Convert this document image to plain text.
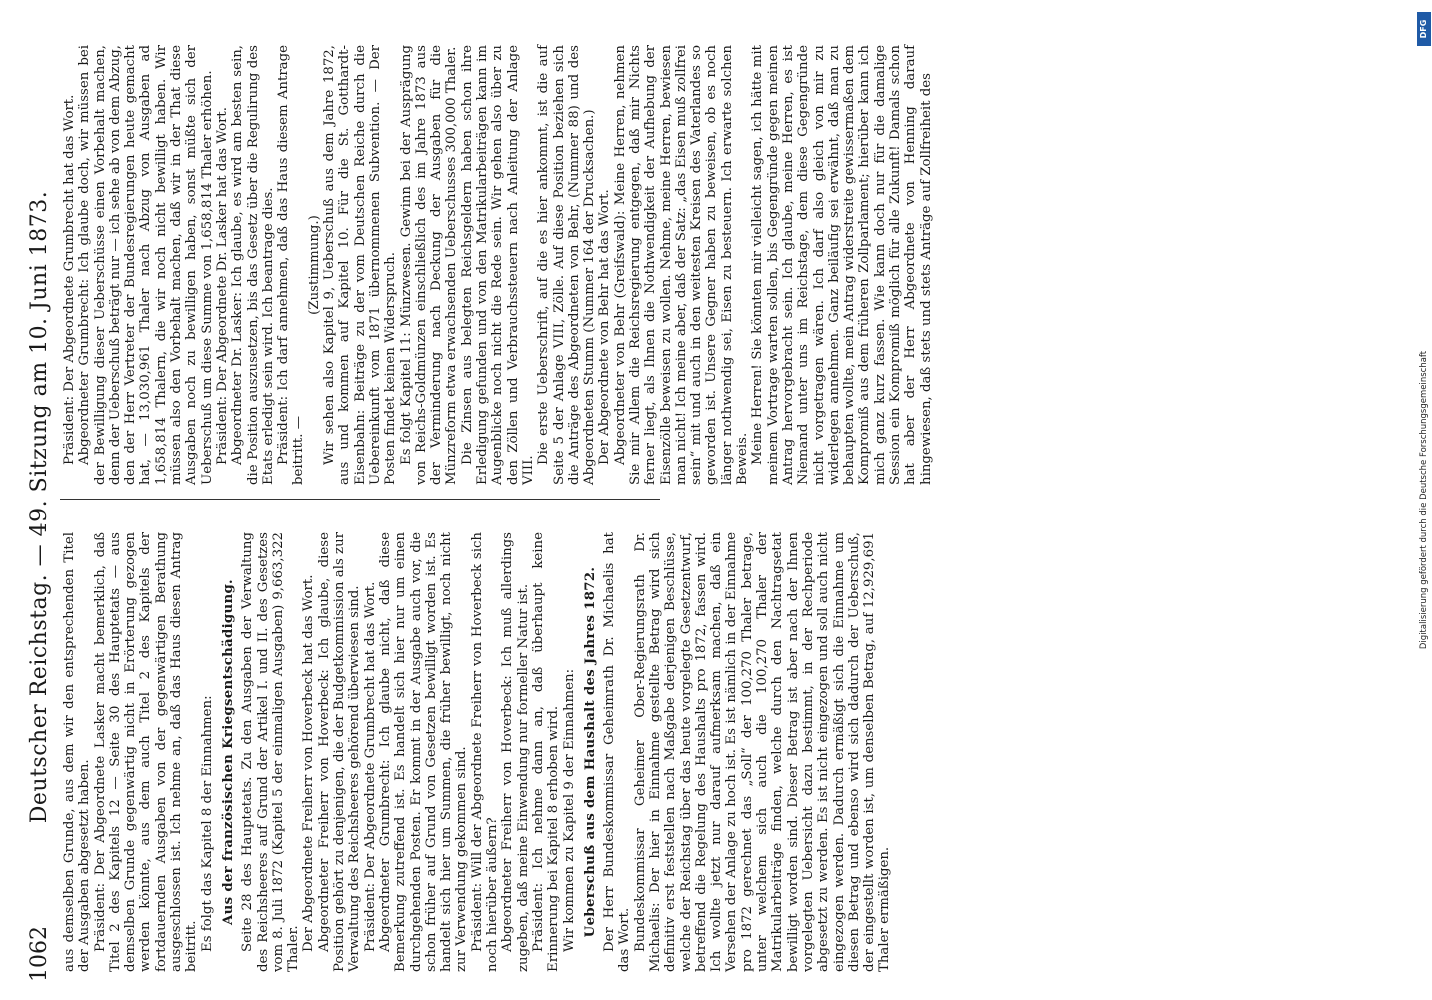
1062
Deutscher Reichstag. — 49. Sitzung am 10. Juni 1873. aus demselben Grunde, aus dem wir den entsprechenden Titel der Ausgaben abgesetzt haben. Präsident: Der Abgeordnete Lasker macht bemerklich, daß Titel 2 des Kapitels 12 — Seite 30 des Hauptetats — aus demselben Grunde gegenwärtig nicht in Erörterung gezogen werden könnte, aus dem auch Titel 2 des Kapitels der fortdauernden Ausgaben von der gegenwärtigen Berathung ausgeschlossen ist. Ich nehme an, daß das Haus diesen Antrag beitritt. Es folgt das Kapitel 8 der Einnahmen: Aus der französischen Kriegsentschädigung. Seite 28 des Hauptetats. Zu den Ausgaben der Verwaltung des Reichsheeres auf Grund der Artikel I. und II. des Gesetzes vom 8. Juli 1872 (Kapitel 5 der einmaligen Ausgaben) 9,663,322 Thaler. Der Abgeordnete Freiherr von Hoverbeck hat das Wort. Abgeordneter Freiherr von Hoverbeck: Ich glaube, diese Position gehört zu denjenigen, die der Budgetkommission als zur Verwaltung des Reichsheeres gehörend überwiesen sind. Präsident: Der Abgeordnete Grumbrecht hat das Wort. Abgeordneter Grumbrecht: Ich glaube nicht, daß diese Bemerkung zutreffend ist. Es handelt sich hier nur um einen durchgehenden Posten. Er kommt in der Ausgabe auch vor, die schon früher auf Grund von Gesetzen bewilligt worden ist. Es handelt sich hier um Summen, die früher bewilligt, noch nicht zur Verwendung gekommen sind. Präsident: Will der Abgeordnete Freiherr von Hoverbeck sich noch hierüber äußern? Abgeordneter Freiherr von Hoverbeck: Ich muß allerdings zugeben, daß meine Einwendung nur formeller Natur ist. Präsident: Ich nehme dann an, daß überhaupt keine Erinnerung bei Kapitel 8 erhoben wird. Wir kommen zu Kapitel 9 der Einnahmen: Ueberschuß aus dem Haushalt des Jahres 1872. Der Herr Bundeskommissar Geheimrath Dr. Michaelis hat das Wort. Bundeskommissar Geheimer Ober-Regierungsrath Dr. Michaelis: Der hier in Einnahme gestellte Betrag wird sich definitiv erst feststellen nach Maßgabe derjenigen Beschlüsse, welche der Reichstag über das heute vorgelegte Gesetzentwurf, betreffend die Regelung des Haushalts pro 1872, fassen wird. Ich wollte jetzt nur darauf aufmerksam machen, daß ein Versehen der Anlage zu hoch ist. Es ist nämlich in der Einnahme pro 1872 gerechnet das „Soll“ der 100,270 Thaler betrage, unter welchem sich auch die 100,270 Thaler der Matrikularbeiträge finden, welche durch den Nachtragsetat bewilligt worden sind. Dieser Betrag ist aber nach der Ihnen vorgelegten Uebersicht dazu bestimmt, in der Rechperiode abgesetzt zu werden. Es ist nicht eingezogen und soll auch nicht eingezogen werden. Dadurch ermäßigt sich die Einnahme um diesen Betrag und ebenso wird sich dadurch der Ueberschuß, der eingestellt worden ist, um denselben Betrag, auf 12,929,691 Thaler ermäßigen.

Präsident: Der Abgeordnete Grumbrecht hat das Wort. Abgeordneter Grumbrecht: Ich glaube doch, wir müssen bei der Bewilligung dieser Ueberschüsse einen Vorbehalt machen, denn der Ueberschuß beträgt nur — ich sehe ab von dem Abzug, den der Herr Vertreter der Bundesregierungen heute gemacht hat, — 13,030,961 Thaler nach Abzug von Ausgaben ad 1,658,814 Thalern, die wir noch nicht bewilligt haben. Wir müssen also den Vorbehalt machen, daß wir in der That diese Ausgaben noch zu bewilligen haben, sonst müßte sich der Ueberschuß um diese Summe von 1,658,814 Thaler erhöhen. Präsident: Der Abgeordnete Dr. Lasker hat das Wort. Abgeordneter Dr. Lasker: Ich glaube, es wird am besten sein, die Position auszusetzen, bis das Gesetz über die Regulirung des Etats erledigt sein wird. Ich beantrage dies. Präsident: Ich darf annehmen, daß das Haus diesem Antrage beitritt. —

(Zustimmung.) Wir sehen also Kapitel 9, Ueberschuß aus dem Jahre 1872, aus und kommen auf Kapitel 10. Für die St. Gotthardt-Eisenbahn: Beiträge zu der vom Deutschen Reiche durch die Uebereinkunft vom 1871 übernommenen Subvention. — Der Posten findet keinen Widerspruch. Es folgt Kapitel 11: Münzwesen. Gewinn bei der Ausprägung von Reichs-Goldmünzen einschließlich des im Jahre 1873 aus der Verminderung nach Deckung der Ausgaben für die Münzreform etwa erwachsenden Ueberschusses 300,000 Thaler. Die Zinsen aus belegten Reichsgeldern haben schon ihre Erledigung gefunden und von den Matrikularbeiträgen kann im Augenblicke noch nicht die Rede sein. Wir gehen also über zu den Zöllen und Verbrauchssteuern nach Anleitung der Anlage VIII.

Die erste Ueberschrift, auf die es hier ankommt, ist die auf Seite 5 der Anlage VIII, Zölle. Auf diese Position beziehen sich die Anträge des Abgeordneten von Behr, (Nummer 88) und des Abgeordneten Stumm (Nummer 164 der Drucksachen.) Der Abgeordnete von Behr hat das Wort. Abgeordneter von Behr (Greifswald): Meine Herren, nehmen Sie mir Allem die Reichsregierung entgegen, daß mir Nichts ferner liegt, als Ihnen die Nothwendigkeit der Aufhebung der Eisenzölle beweisen zu wollen. Nehme, meine Herren, bewiesen man nicht! Ich meine aber, daß der Satz: „das Eisen muß zollfrei sein“ mit und auch in den weitesten Kreisen des Vaterlandes so geworden ist. Unsere Gegner haben zu beweisen, ob es noch länger nothwendig sei, Eisen zu besteuern. Ich erwarte solchen Beweis. Meine Herren! Sie könnten mir vielleicht sagen, ich hätte mit meinem Vortrage warten sollen, bis Gegengründe gegen meinen Antrag hervorgebracht sein. Ich glaube, meine Herren, es ist Niemand unter uns im Reichstage, dem diese Gegengründe nicht vorgetragen wären. Ich darf also gleich von mir zu widerlegen annehmen. Ganz beiläufig sei erwähnt, daß man zu behaupten wollte, mein Antrag widerstreite gewissermaßen dem Kompromiß aus dem früheren Zollparlament; hierüber kann ich mich ganz kurz fassen. Wie kann doch nur für die damalige Session ein Kompromiß möglich für alle Zukunft! Damals schon hat aber der Herr Abgeordnete von Henning darauf hingewiesen, daß stets und stets Anträge auf Zollfreiheit des

Digitalisierung gefördert durch die Deutsche Forschungsgemeinschaft
DFG
